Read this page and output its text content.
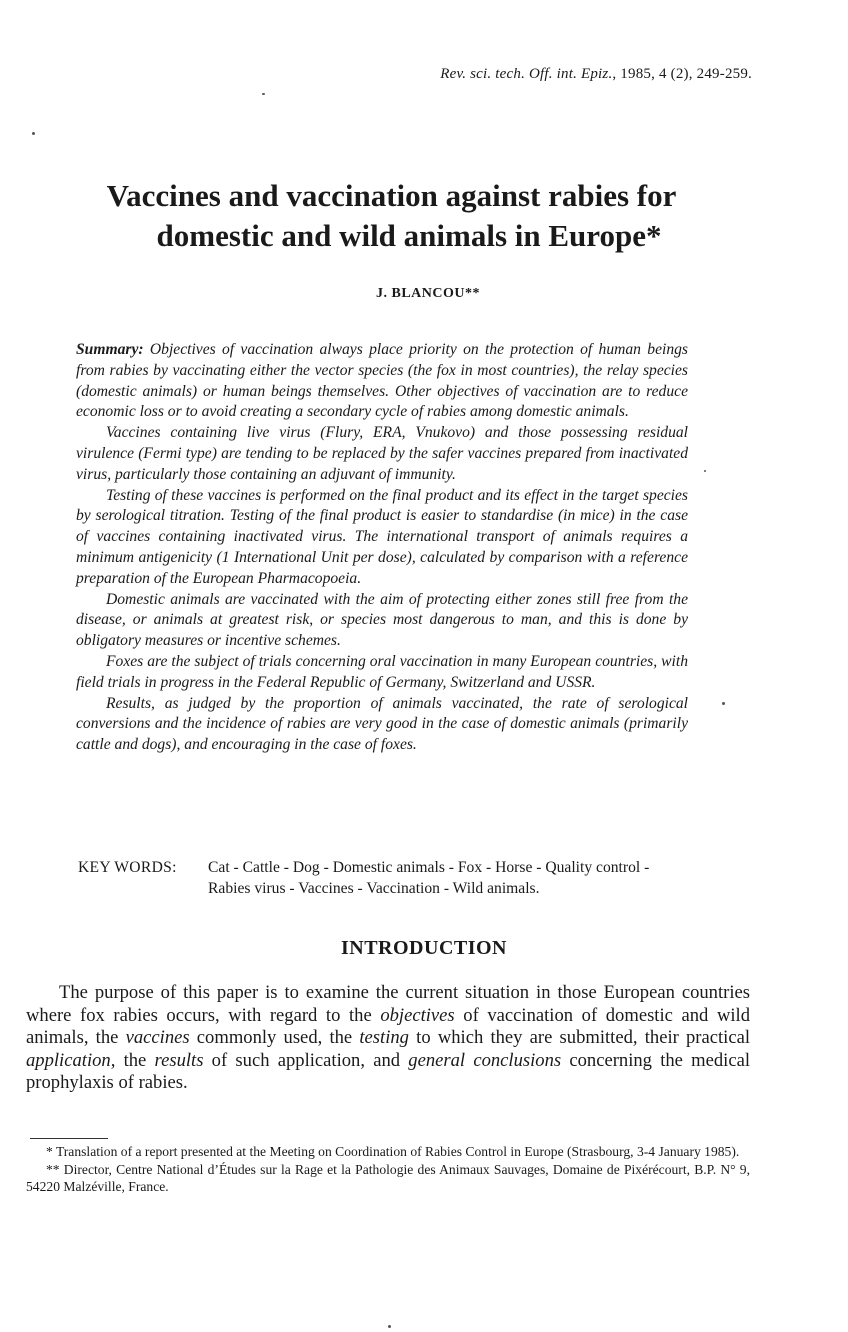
Rev. sci. tech. Off. int. Epiz., 1985, 4 (2), 249-259.
Vaccines and vaccination against rabies for
domestic and wild animals in Europe*
J. BLANCOU**

Summary: Objectives of vaccination always place priority on the protection of human beings from rabies by vaccinating either the vector species (the fox in most countries), the relay species (domestic animals) or human beings themselves. Other objectives of vaccination are to reduce economic loss or to avoid creating a secondary cycle of rabies among domestic animals.

Vaccines containing live virus (Flury, ERA, Vnukovo) and those possessing residual virulence (Fermi type) are tending to be replaced by the safer vaccines prepared from inactivated virus, particularly those containing an adjuvant of immunity.

Testing of these vaccines is performed on the final product and its effect in the target species by serological titration. Testing of the final product is easier to standardise (in mice) in the case of vaccines containing inactivated virus. The international transport of animals requires a minimum antigenicity (1 International Unit per dose), calculated by comparison with a reference preparation of the European Pharmacopoeia.

Domestic animals are vaccinated with the aim of protecting either zones still free from the disease, or animals at greatest risk, or species most dangerous to man, and this is done by obligatory measures or incentive schemes.

Foxes are the subject of trials concerning oral vaccination in many European countries, with field trials in progress in the Federal Republic of Germany, Switzerland and USSR.

Results, as judged by the proportion of animals vaccinated, the rate of serological conversions and the incidence of rabies are very good in the case of domestic animals (primarily cattle and dogs), and encouraging in the case of foxes.

KEY WORDS:	Cat - Cattle - Dog - Domestic animals - Fox - Horse - Quality control - Rabies virus - Vaccines - Vaccination - Wild animals.
INTRODUCTION

The purpose of this paper is to examine the current situation in those European countries where fox rabies occurs, with regard to the objectives of vaccination of domestic and wild animals, the vaccines commonly used, the testing to which they are submitted, their practical application, the results of such application, and general conclusions concerning the medical prophylaxis of rabies.

* Translation of a report presented at the Meeting on Coordination of Rabies Control in Europe (Strasbourg, 3-4 January 1985).

** Director, Centre National d’Études sur la Rage et la Pathologie des Animaux Sauvages, Domaine de Pixérécourt, B.P. N° 9, 54220 Malzéville, France.
